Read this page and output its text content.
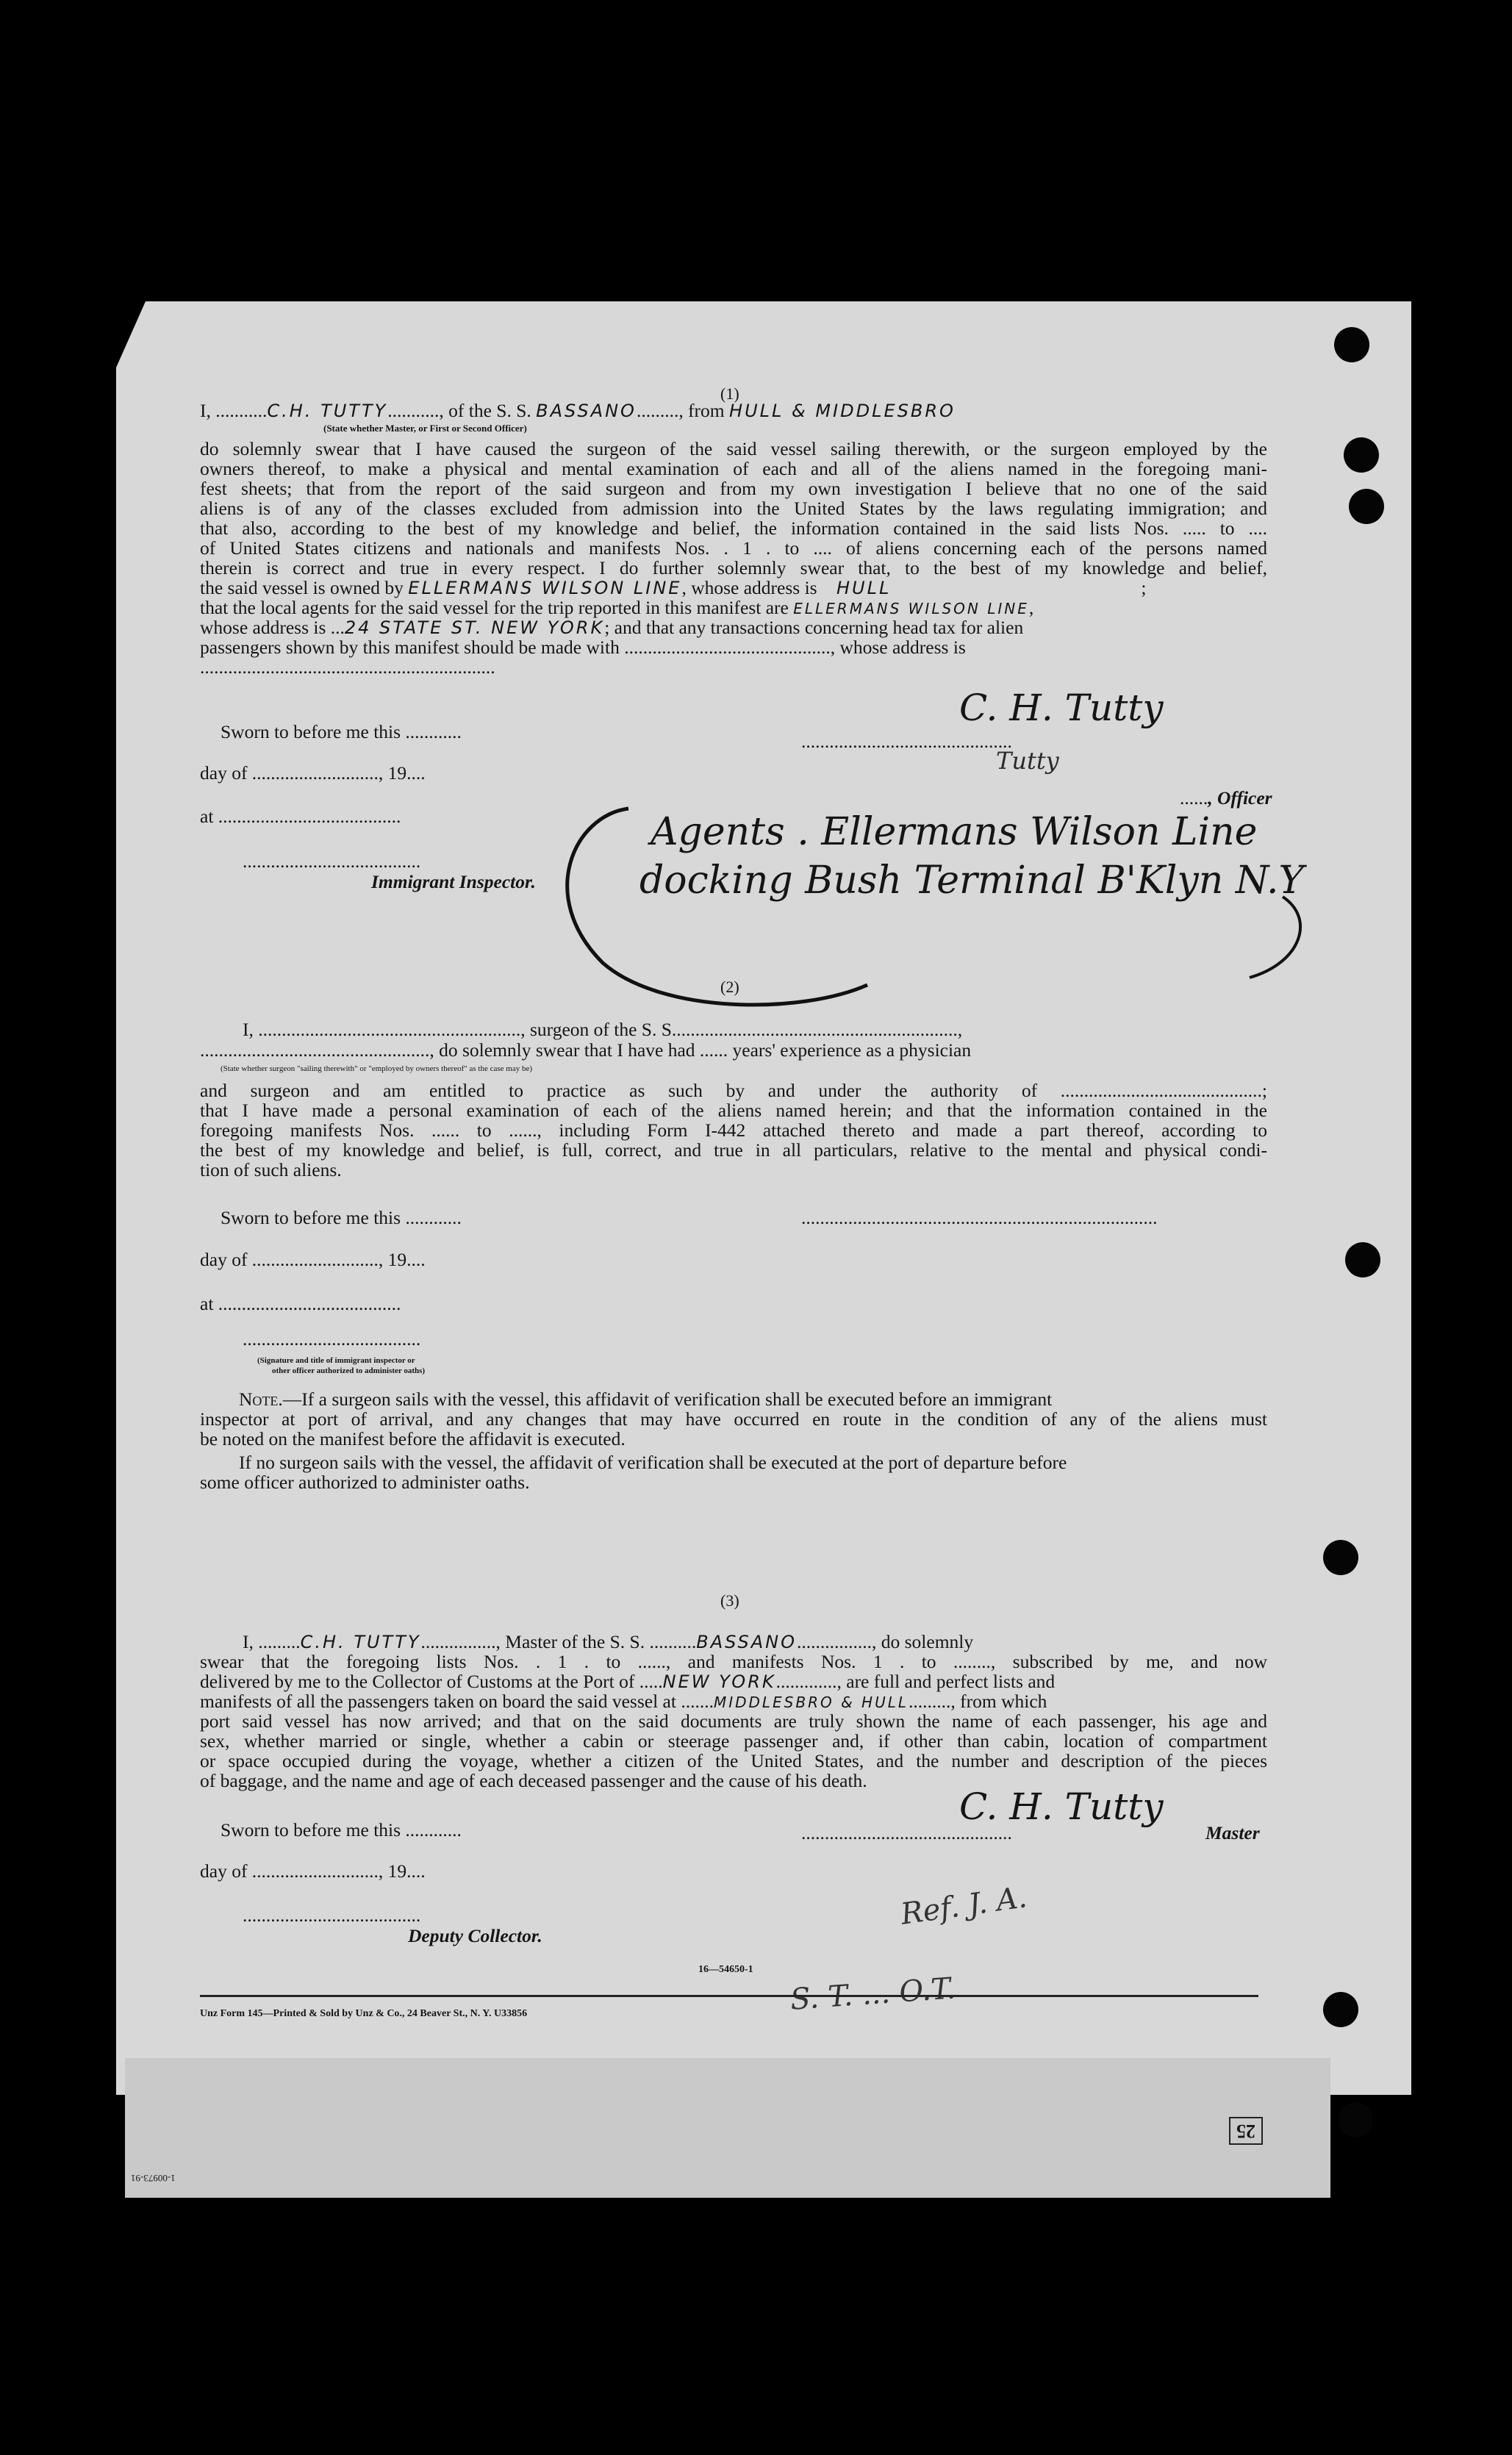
(1)
I, ...........C.H. TUTTY..........., of the S. S. BASSANO........., from HULL & MIDDLESBRO
(State whether Master, or First or Second Officer)
do solemnly swear that I have caused the surgeon of the said vessel sailing therewith, or the surgeon employed by the
owners thereof, to make a physical and mental examination of each and all of the aliens named in the foregoing mani-
fest sheets; that from the report of the said surgeon and from my own investigation I believe that no one of the said
aliens is of any of the classes excluded from admission into the United States by the laws regulating immigration; and
that also, according to the best of my knowledge and belief, the information contained in the said lists Nos. ..... to ....
of United States citizens and nationals and manifests Nos. . 1 . to .... of aliens concerning each of the persons named
therein is correct and true in every respect. I do further solemnly swear that, to the best of my knowledge and belief,
the said vessel is owned by ELLERMANS WILSON LINE, whose address is HULL	;
that the local agents for the said vessel for the trip reported in this manifest are ELLERMANS WILSON LINE,
whose address is ...24 STATE ST. NEW YORK; and that any transactions concerning head tax for alien
passengers shown by this manifest should be made with ............................................, whose address is
...............................................................
Sworn to before me this ............
day of ..........................., 19....
at .......................................
......................................
Immigrant Inspector.
.............................................
C. H. Tutty
Tutty
......, Officer
Agents . Ellermans Wilson Line
docking Bush Terminal B'Klyn N.Y
(2)
I, ........................................................, surgeon of the S. S.............................................................,
................................................., do solemnly swear that I have had ...... years' experience as a physician
(State whether surgeon "sailing therewith" or "employed by owners thereof" as the case may be)
and surgeon and am entitled to practice as such by and under the authority of ...........................................;
that I have made a personal examination of each of the aliens named herein; and that the information contained in the
foregoing manifests Nos. ...... to ......, including Form I-442 attached thereto and made a part thereof, according to
the best of my knowledge and belief, is full, correct, and true in all particulars, relative to the mental and physical condi-
tion of such aliens.
Sworn to before me this ............	............................................................................
day of ..........................., 19....
at .......................................
......................................
(Signature and title of immigrant inspector or
other officer authorized to administer oaths)
Note.—If a surgeon sails with the vessel, this affidavit of verification shall be executed before an immigrant
inspector at port of arrival, and any changes that may have occurred en route in the condition of any of the aliens must
be noted on the manifest before the affidavit is executed.
If no surgeon sails with the vessel, the affidavit of verification shall be executed at the port of departure before
some officer authorized to administer oaths.
(3)
I, .........C.H. TUTTY................, Master of the S. S. ..........BASSANO................, do solemnly
swear that the foregoing lists Nos. . 1 . to ......, and manifests Nos. 1 . to ........, subscribed by me, and now
delivered by me to the Collector of Customs at the Port of .....NEW YORK............., are full and perfect lists and
manifests of all the passengers taken on board the said vessel at .......MIDDLESBRO & HULL........., from which
port said vessel has now arrived; and that on the said documents are truly shown the name of each passenger, his age and
sex, whether married or single, whether a cabin or steerage passenger and, if other than cabin, location of compartment
or space occupied during the voyage, whether a citizen of the United States, and the number and description of the pieces
of baggage, and the name and age of each deceased passenger and the cause of his death.
Sworn to before me this ............	.............................................
C. H. Tutty
Master
day of ..........................., 19....
......................................
Deputy Collector.
16—54650-1
Ref. J. A.
S. T. ... O.T.
Unz Form 145—Printed & Sold by Unz & Co., 24 Beaver St., N. Y. U33856
25
1-00973-91
